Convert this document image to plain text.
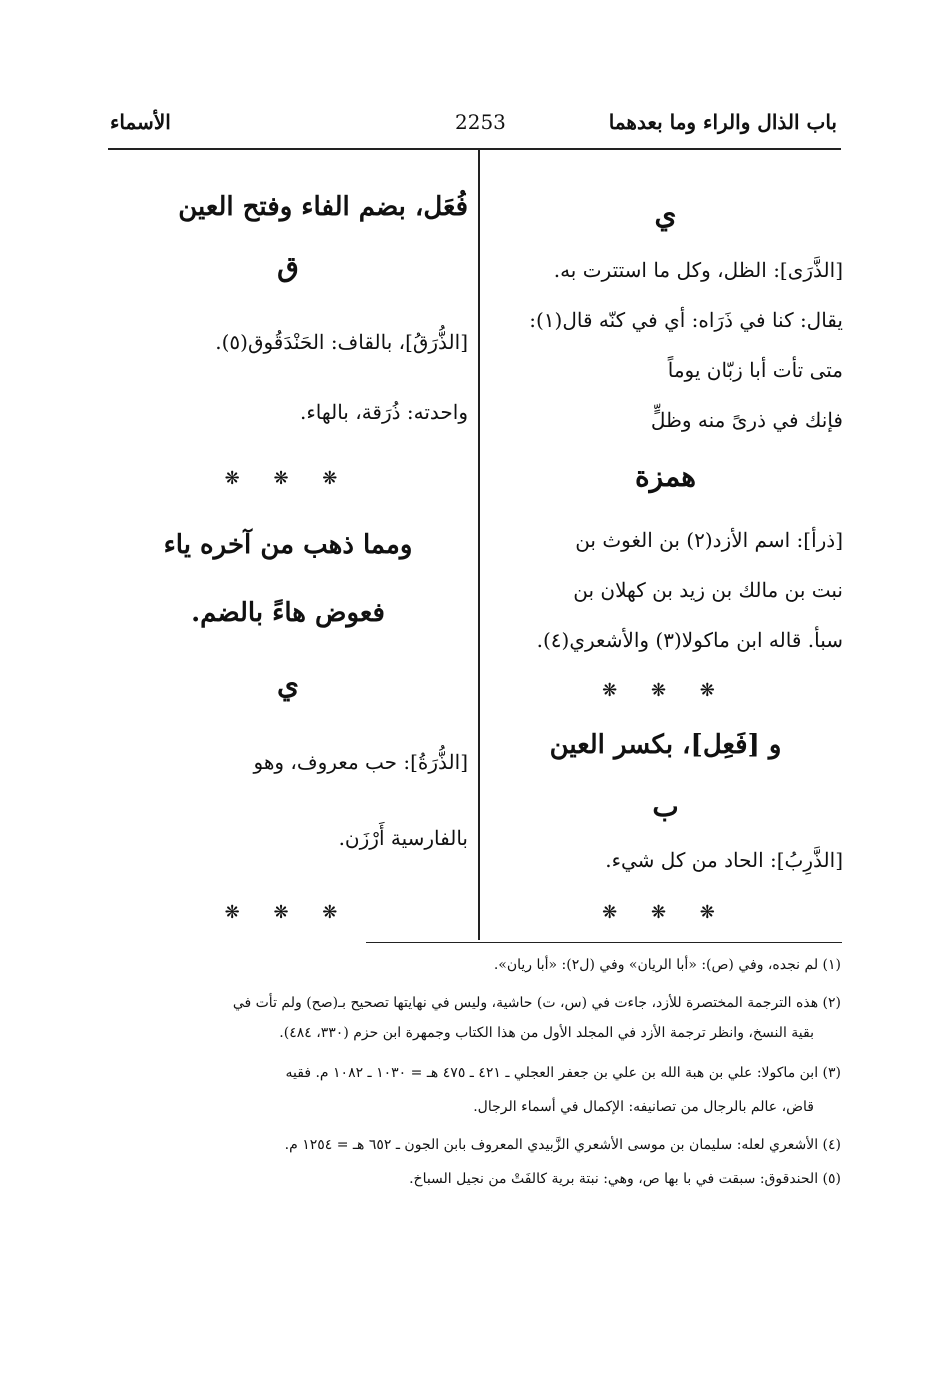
باب الذال والراء وما بعدهما
2253
الأسماء
ي
[الذَّرَى]: الظل، وكل ما استترت به.
يقال: كنا في ذَرَاه: أي في كنّه قال(١):
متى تأت أبا زبّان يوماً
فإنك في ذرىً منه وظلٍّ
همزة
[ذرأ]: اسم الأزد(٢) بن الغوث بن
نبت بن مالك بن زيد بن كهلان بن
سبأ. قاله ابن ماكولا(٣) والأشعري(٤).
❋ ❋ ❋
و [فَعِل]، بكسر العين
ب
[الذَّرِبُ]: الحاد من كل شيء.
❋ ❋ ❋
فُعَل، بضم الفاء وفتح العين
ق
[الذُّرَقُ]، بالقاف: الحَنْدَقُوق(٥).
واحدته: ذُرَقة، بالهاء.
❋ ❋ ❋
ومما ذهب من آخره ياء
فعوض هاءً بالضم.
ي
[الذُّرَةُ]: حب معروف، وهو
بالفارسية أَرْزَن.
❋ ❋ ❋
(١) لم نجده، وفي (ص): «أبا الريان» وفي (ل٢): «أبا ريان».
(٢) هذه الترجمة المختصرة للأزد، جاءت في (س، ت) حاشية، وليس في نهايتها تصحيح بـ(صح) ولم تأت في
بقية النسخ، وانظر ترجمة الأزد في المجلد الأول من هذا الكتاب وجمهرة ابن حزم (٣٣٠، ٤٨٤).
(٣) ابن ماكولا: علي بن هبة الله بن علي بن جعفر العجلي ـ ٤٢١ ـ ٤٧٥ هـ = ١٠٣٠ ـ ١٠٨٢ م. فقيه
قاض، عالم بالرجال من تصانيفه: الإكمال في أسماء الرجال.
(٤) الأشعري لعله: سليمان بن موسى الأشعري الزَّبيدي المعروف بابن الجون ـ ٦٥٢ هـ = ١٢٥٤ م.
(٥) الحندقوق: سبقت في با بها ص، وهي: نبتة برية كالفَتْ من نجيل السباخ.
